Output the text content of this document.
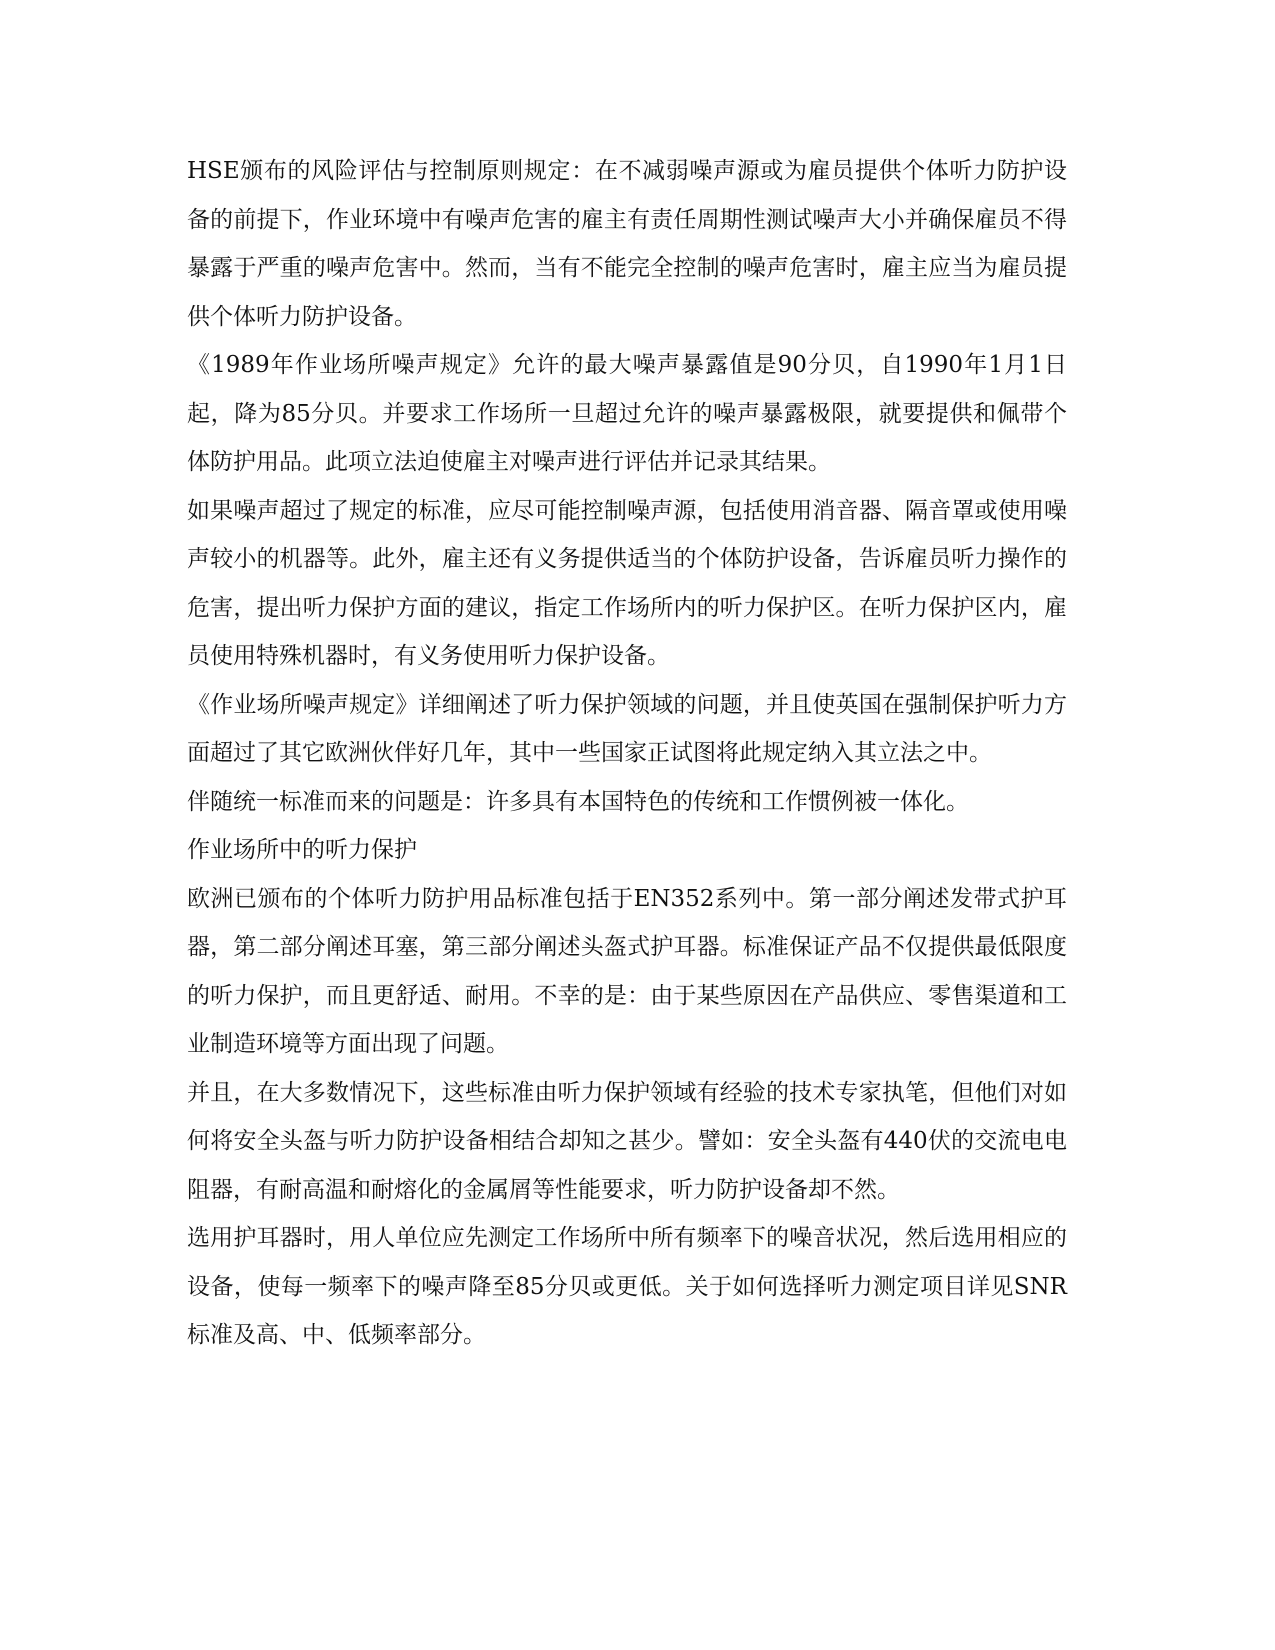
HSE颁布的风险评估与控制原则规定：在不减弱噪声源或为雇员提供个体听力防护设备的前提下，作业环境中有噪声危害的雇主有责任周期性测试噪声大小并确保雇员不得暴露于严重的噪声危害中。然而，当有不能完全控制的噪声危害时，雇主应当为雇员提供个体听力防护设备。

《1989年作业场所噪声规定》允许的最大噪声暴露值是90分贝，自1990年1月1日起，降为85分贝。并要求工作场所一旦超过允许的噪声暴露极限，就要提供和佩带个体防护用品。此项立法迫使雇主对噪声进行评估并记录其结果。

如果噪声超过了规定的标准，应尽可能控制噪声源，包括使用消音器、隔音罩或使用噪声较小的机器等。此外，雇主还有义务提供适当的个体防护设备，告诉雇员听力操作的危害，提出听力保护方面的建议，指定工作场所内的听力保护区。在听力保护区内，雇员使用特殊机器时，有义务使用听力保护设备。

《作业场所噪声规定》详细阐述了听力保护领域的问题，并且使英国在强制保护听力方面超过了其它欧洲伙伴好几年，其中一些国家正试图将此规定纳入其立法之中。

伴随统一标准而来的问题是：许多具有本国特色的传统和工作惯例被一体化。

作业场所中的听力保护

欧洲已颁布的个体听力防护用品标准包括于EN352系列中。第一部分阐述发带式护耳器，第二部分阐述耳塞，第三部分阐述头盔式护耳器。标准保证产品不仅提供最低限度的听力保护，而且更舒适、耐用。不幸的是：由于某些原因在产品供应、零售渠道和工业制造环境等方面出现了问题。

并且，在大多数情况下，这些标准由听力保护领域有经验的技术专家执笔，但他们对如何将安全头盔与听力防护设备相结合却知之甚少。譬如：安全头盔有440伏的交流电电阻器，有耐高温和耐熔化的金属屑等性能要求，听力防护设备却不然。

选用护耳器时，用人单位应先测定工作场所中所有频率下的噪音状况，然后选用相应的设备，使每一频率下的噪声降至85分贝或更低。关于如何选择听力测定项目详见SNR标准及高、中、低频率部分。
